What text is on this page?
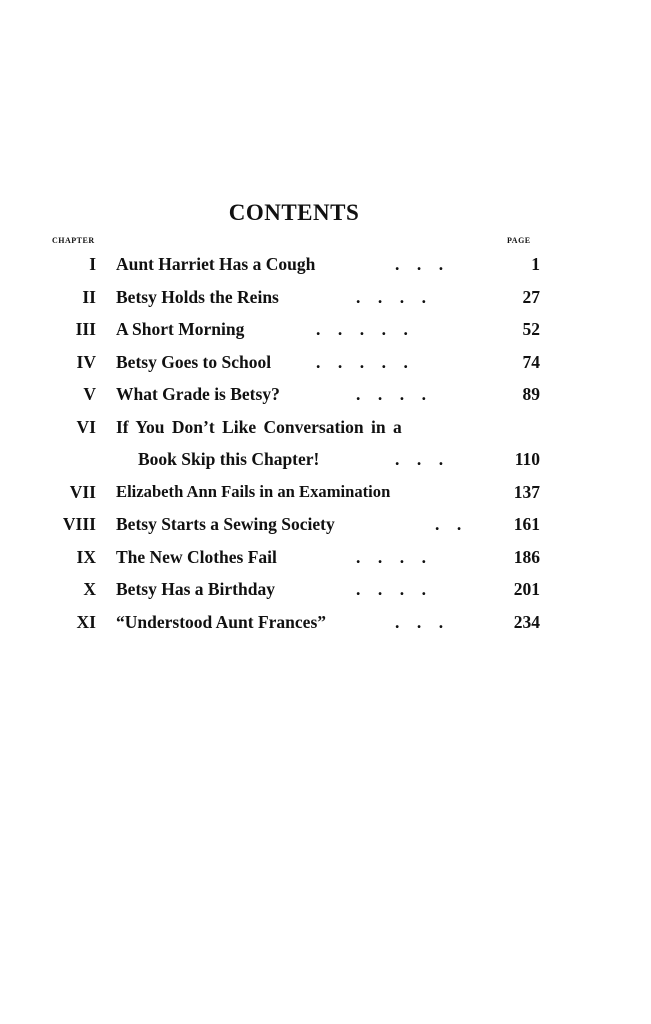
CONTENTS
CHAPTER	PAGE
I Aunt Harriet Has a Cough	.    .    .	1
II Betsy Holds the Reins	.    .    .    .	27
III A Short Morning	.    .    .    .    .	52
IV Betsy Goes to School	.    .    .    .    .	74
V What Grade is Betsy?	.    .    .    .	89
VI If You Don’t Like Conversation in a
Book Skip this Chapter!	.    .    .	110
VII Elizabeth Ann Fails in an Examination	137
VIII Betsy Starts a Sewing Society	.    .	161
IX The New Clothes Fail	.    .    .    .	186
X Betsy Has a Birthday	.    .    .    .	201
XI “Understood Aunt Frances”	.    .    .	234
